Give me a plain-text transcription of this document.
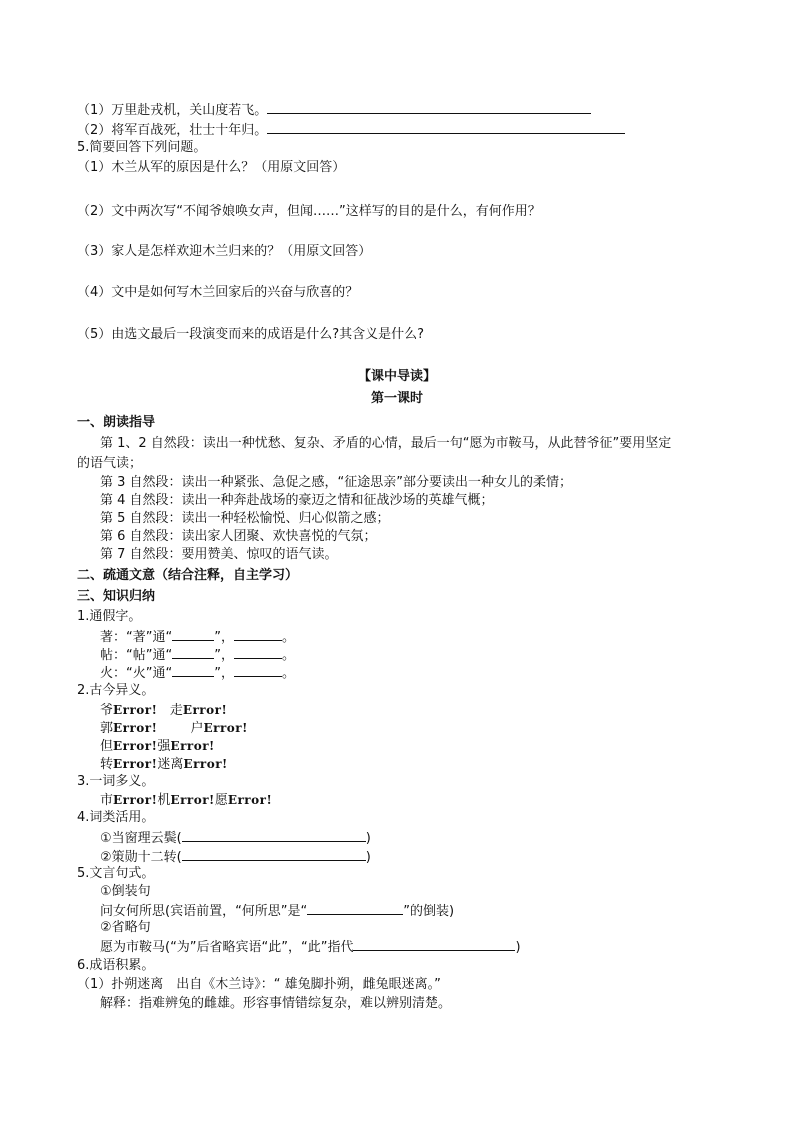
（1）万里赴戎机，关山度若飞。
（2）将军百战死，壮士十年归。
5.简要回答下列问题。
（1）木兰从军的原因是什么？（用原文回答）
（2）文中两次写“不闻爷娘唤女声，但闻……”这样写的目的是什么，有何作用？
（3）家人是怎样欢迎木兰归来的？（用原文回答）
（4）文中是如何写木兰回家后的兴奋与欣喜的？
（5）由选文最后一段演变而来的成语是什么?其含义是什么?
【课中导读】
第一课时
一、朗读指导
第 1、2 自然段：读出一种忧愁、复杂、矛盾的心情，最后一句“愿为市鞍马，从此替爷征”要用坚定
的语气读；
第 3 自然段：读出一种紧张、急促之感，“征途思亲”部分要读出一种女儿的柔情；
第 4 自然段：读出一种奔赴战场的豪迈之情和征战沙场的英雄气概；
第 5 自然段：读出一种轻松愉悦、归心似箭之感；
第 6 自然段：读出家人团聚、欢快喜悦的气氛；
第 7 自然段：要用赞美、惊叹的语气读。
二、疏通文意（结合注释，自主学习）
三、知识归纳
1.通假字。
著：“著”通“	”，	。
帖：“帖”通“	”，	。
火：“火”通“	”，	。
2.古今异义。
爷Error! 走Error!
郭Error!	户Error!
但Error!强Error!
转Error!迷离Error!
3.一词多义。
市Error!机Error!愿Error!
4.词类活用。
①当窗理云鬓(	)
②策勋十二转(	)
5.文言句式。
①倒装句
问女何所思(宾语前置，“何所思”是“	”的倒装)
②省略句
愿为市鞍马(“为”后省略宾语“此”，“此”指代	)
6.成语积累。
（1）扑朔迷离　出自《木兰诗》：“ 雄兔脚扑朔，雌兔眼迷离。”
解释：指难辨兔的雌雄。形容事情错综复杂，难以辨别清楚。
